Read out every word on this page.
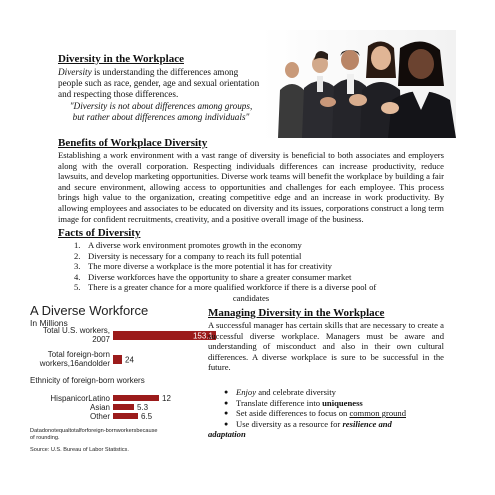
Diversity in the Workplace
Diversity is understanding the differences among people such as race, gender, age and sexual orientation and respecting those differences.
"Diversity is not about differences among groups, but rather about differences among individuals"
Benefits of Workplace Diversity
Establishing a work environment with a vast range of diversity is beneficial to both associates and employers along with the overall corporation. Respecting individuals differences can increase productivity, reduce lawsuits, and develop marketing opportunities. Diverse work teams will benefit the workplace by building a fair and secure environment, allowing access to opportunities and challenges for each employee. This process brings high value to the organization, creating competitive edge and an increase in work productivity. By allowing employees and associates to be educated on diversity and its issues, corporations construct a long term image for confident recruitments, creativity, and a positive overall image of the business.
Facts of Diversity
1. A diverse work environment promotes growth in the economy
2. Diversity is necessary for a company to reach its full potential
3. The more diverse a workplace is the more potential it has for creativity
4. Diverse workforces have the opportunity to share a greater consumer market
5. There is a greater chance for a more qualified workforce if there is a diverse pool of
candidates
A Diverse Workforce
In Millions
Total U.S. workers,
2007	153.1
Total foreign-born
workers,16andolder 24
Ethnicity of foreign-born workers
HispanicorLatino	12
Asian	5.3
Other	6.5
Datadonotequaltotalforforeign-bornworkersbecause
of rounding.
Source: U.S. Bureau of Labor Statistics.
Managing Diversity in the Workplace
A successful manager has certain skills that are necessary to create a successful diverse workplace. Managers must be aware and understanding of misconduct and also in their own cultural differences. A diverse workplace is sure to be successful in the future.
● Enjoy and celebrate diversity
● Translate difference into uniqueness
● Set aside differences to focus on common ground
● Use diversity as a resource for resilience and
adaptation
